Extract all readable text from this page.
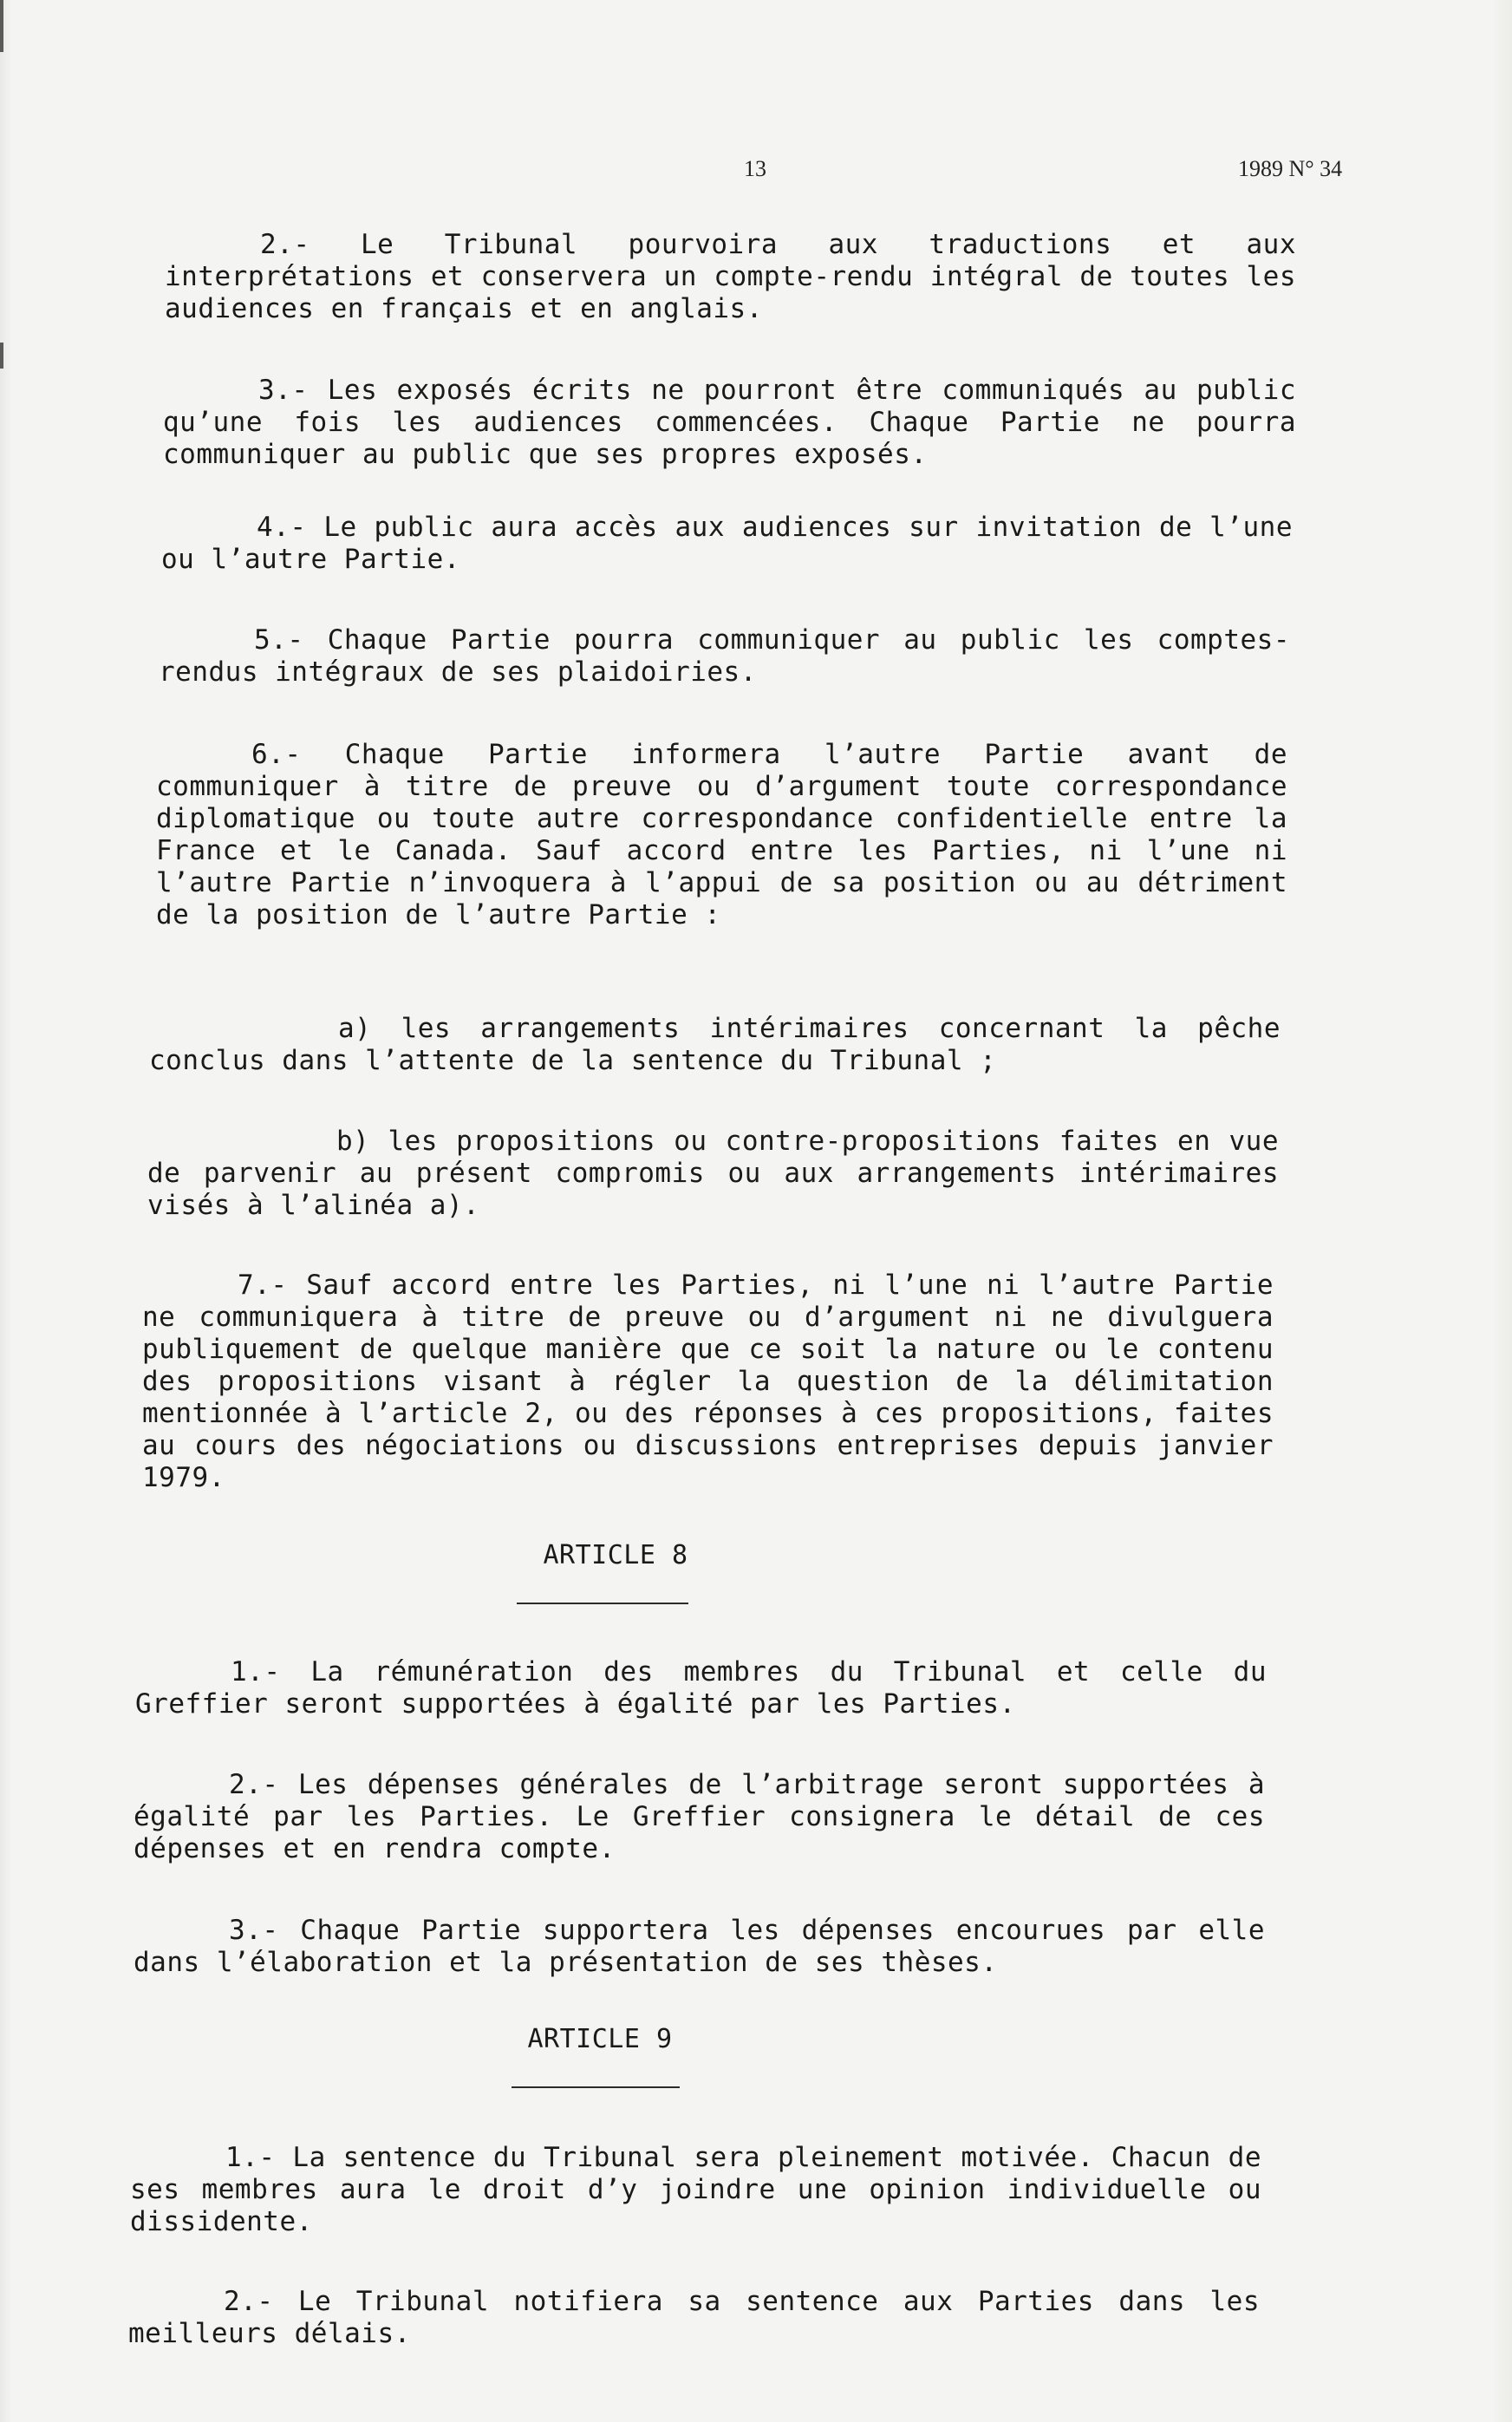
13	1989 N° 34

2.- Le Tribunal pourvoira aux traductions et aux interprétations et conservera un compte-rendu intégral de toutes les audiences en français et en anglais.

3.- Les exposés écrits ne pourront être communiqués au public qu’une fois les audiences commencées. Chaque Partie ne pourra communiquer au public que ses propres exposés.

4.- Le public aura accès aux audiences sur invitation de l’une ou l’autre Partie.

5.- Chaque Partie pourra communiquer au public les comptes-rendus intégraux de ses plaidoiries.

6.- Chaque Partie informera l’autre Partie avant de communiquer à titre de preuve ou d’argument toute correspondance diplomatique ou toute autre correspondance confidentielle entre la France et le Canada. Sauf accord entre les Parties, ni l’une ni l’autre Partie n’invoquera à l’appui de sa position ou au détriment de la position de l’autre Partie :

a) les arrangements intérimaires concernant la pêche conclus dans l’attente de la sentence du Tribunal ;

b) les propositions ou contre-propositions faites en vue de parvenir au présent compromis ou aux arrangements intérimaires visés à l’alinéa a).

7.- Sauf accord entre les Parties, ni l’une ni l’autre Partie ne communiquera à titre de preuve ou d’argument ni ne divulguera publiquement de quelque manière que ce soit la nature ou le contenu des propositions visant à régler la question de la délimitation mentionnée à l’article 2, ou des réponses à ces propositions, faites au cours des négociations ou discussions entreprises depuis janvier 1979.

1.- La rémunération des membres du Tribunal et celle du Greffier seront supportées à égalité par les Parties.

2.- Les dépenses générales de l’arbitrage seront supportées à égalité par les Parties. Le Greffier consignera le détail de ces dépenses et en rendra compte.

3.- Chaque Partie supportera les dépenses encourues par elle dans l’élaboration et la présentation de ses thèses.

1.- La sentence du Tribunal sera pleinement motivée. Chacun de ses membres aura le droit d’y joindre une opinion individuelle ou dissidente.

2.- Le Tribunal notifiera sa sentence aux Parties dans les meilleurs délais.

ARTICLE 8
ARTICLE 9
